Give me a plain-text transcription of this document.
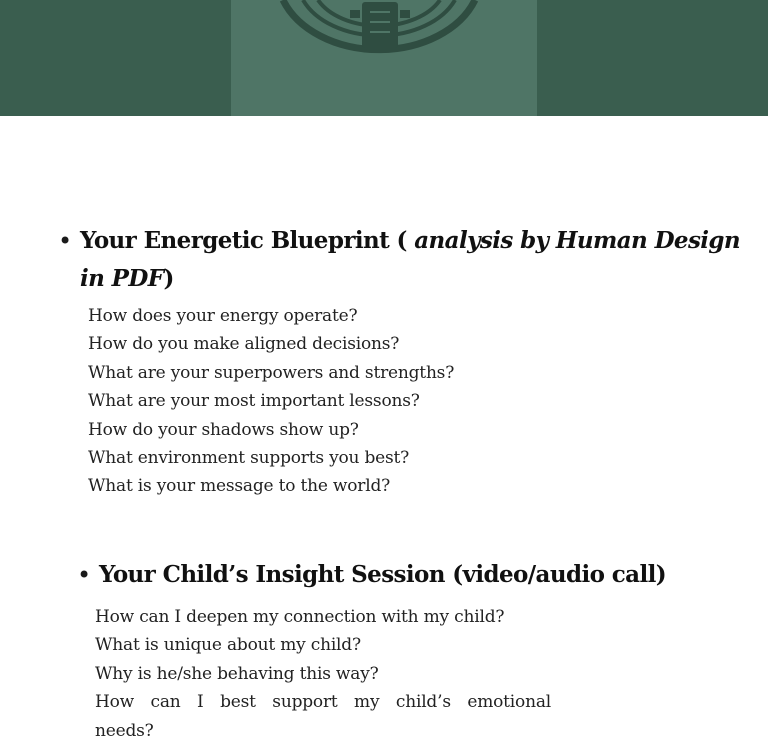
• Your Energetic Blueprint ( analysis by Human Design in PDF)
How does your energy operate?
How do you make aligned decisions?
What are your superpowers and strengths?
What are your most important lessons?
How do your shadows show up?
What environment supports you best?
What is your message to the world?
• Your Child’s Insight Session (video/audio call)
How can I deepen my connection with my child?
What is unique about my child?
Why is he/she behaving this way?
How can I best support my child’s emotional needs?
